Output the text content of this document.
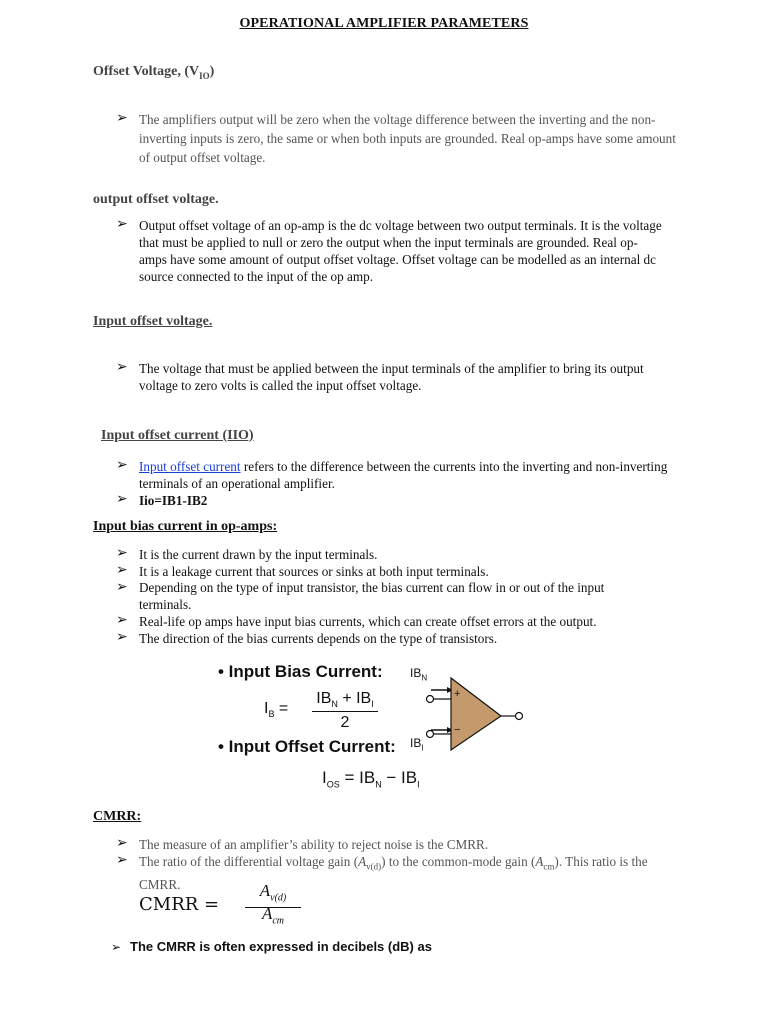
OPERATIONAL AMPLIFIER PARAMETERS
Offset Voltage, $(V_{IO})$
➢ The amplifiers output will be zero when the voltage difference between the inverting and the non-inverting inputs is zero, the same or when both inputs are grounded. Real op-amps have some amount of output offset voltage.
output offset voltage.
➢ Output offset voltage of an op-amp is the dc voltage between two output terminals. It is the voltage that must be applied to null or zero the output when the input terminals are grounded. Real op-amps have some amount of output offset voltage. Offset voltage can be modelled as an internal dc source connected to the input of the op amp.
Input offset voltage.
➢ The voltage that must be applied between the input terminals of the amplifier to bring its output voltage to zero volts is called the input offset voltage.
Input offset current (IIO)
➢ Input offset current refers to the difference between the currents into the inverting and non-inverting terminals of an operational amplifier.
➢ Iio=IB1-IB2
Input bias current in op-amps:
➢ It is the current drawn by the input terminals.
➢ It is a leakage current that sources or sinks at both input terminals.
➢ Depending on the type of input transistor, the bias current can flow in or out of the input terminals.
➢ Real-life op amps have input bias currents, which can create offset errors at the output.
➢ The direction of the bias currents depends on the type of transistors.
• Input Bias Current:
$I_B$ =
$IB_N + IB_I$
2
• Input Offset Current:
$I_{OS} = IB_N - IB_I$
$IB_N$
$IB_I$
+
−
CMRR:
➢ The measure of an amplifier’s ability to reject noise is the CMRR.
➢ The ratio of the differential voltage gain $(A_{v(d)})$ to the common-mode gain $(A_{cm})$. This ratio is the CMRR.
CMRR =
$A_{v(d)}$
$A_{cm}$
➢ The CMRR is often expressed in decibels (dB) as
